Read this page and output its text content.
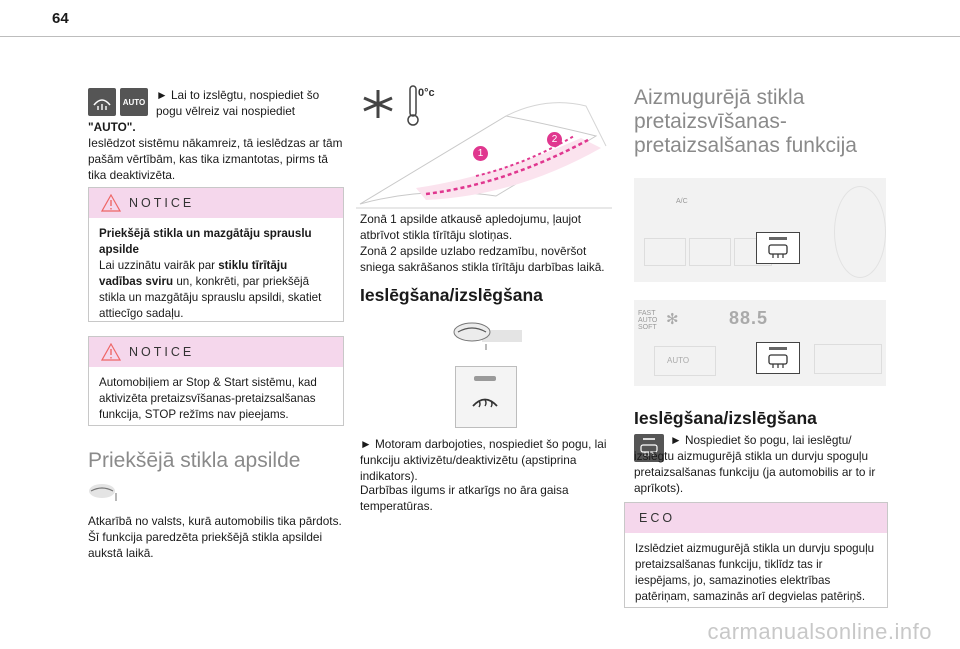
64
AUTO ► Lai to izslēgtu, nospiediet šo pogu vēlreiz vai nospiediet
"AUTO".
Ieslēdzot sistēmu nākamreiz, tā ieslēdzas ar tām pašām vērtībām, kas tika izmantotas, pirms tā tika deaktivizēta.
NOTICE
Priekšējā stikla un mazgātāju sprauslu apsilde
Lai uzzinātu vairāk par stiklu tīrītāju vadības sviru un, konkrēti, par priekšējā stikla un mazgātāju sprauslu apsildi, skatiet attiecīgo sadaļu.
NOTICE
Automobiļiem ar Stop & Start sistēmu, kad aktivizēta pretaizsvīšanas-pretaizsalšanas funkcija, STOP režīms nav pieejams.
Priekšējā stikla apsilde
Atkarībā no valsts, kurā automobilis tika pārdots. Šī funkcija paredzēta priekšējā stikla apsildei aukstā laikā.
0°c
1
2
Zonā 1 apsilde atkausē apledojumu, ļaujot atbrīvot stikla tīrītāju slotiņas.
Zonā 2 apsilde uzlabo redzamību, novēršot sniega sakrāšanos stikla tīrītāju darbības laikā.
Ieslēgšana/izslēgšana
► Motoram darbojoties, nospiediet šo pogu, lai funkciju aktivizētu/deaktivizētu (apstiprina indikators).
Darbības ilgums ir atkarīgs no āra gaisa temperatūras.
Aizmugurējā stikla
pretaizsvīšanas-
pretaizsalšanas funkcija
A/C
FAST
AUTO
SOFT ✻	88.5
AUTO
Ieslēgšana/izslēgšana
► Nospiediet šo pogu, lai ieslēgtu/ izslēgtu aizmugurējā stikla un durvju spoguļu pretaizsalšanas funkciju (ja automobilis ar to ir aprīkots).
ECO
Izslēdziet aizmugurējā stikla un durvju spoguļu pretaizsalšanas funkciju, tiklīdz tas ir iespējams, jo, samazinoties elektrības patēriņam, samazinās arī degvielas patēriņš.
carmanualsonline.info
